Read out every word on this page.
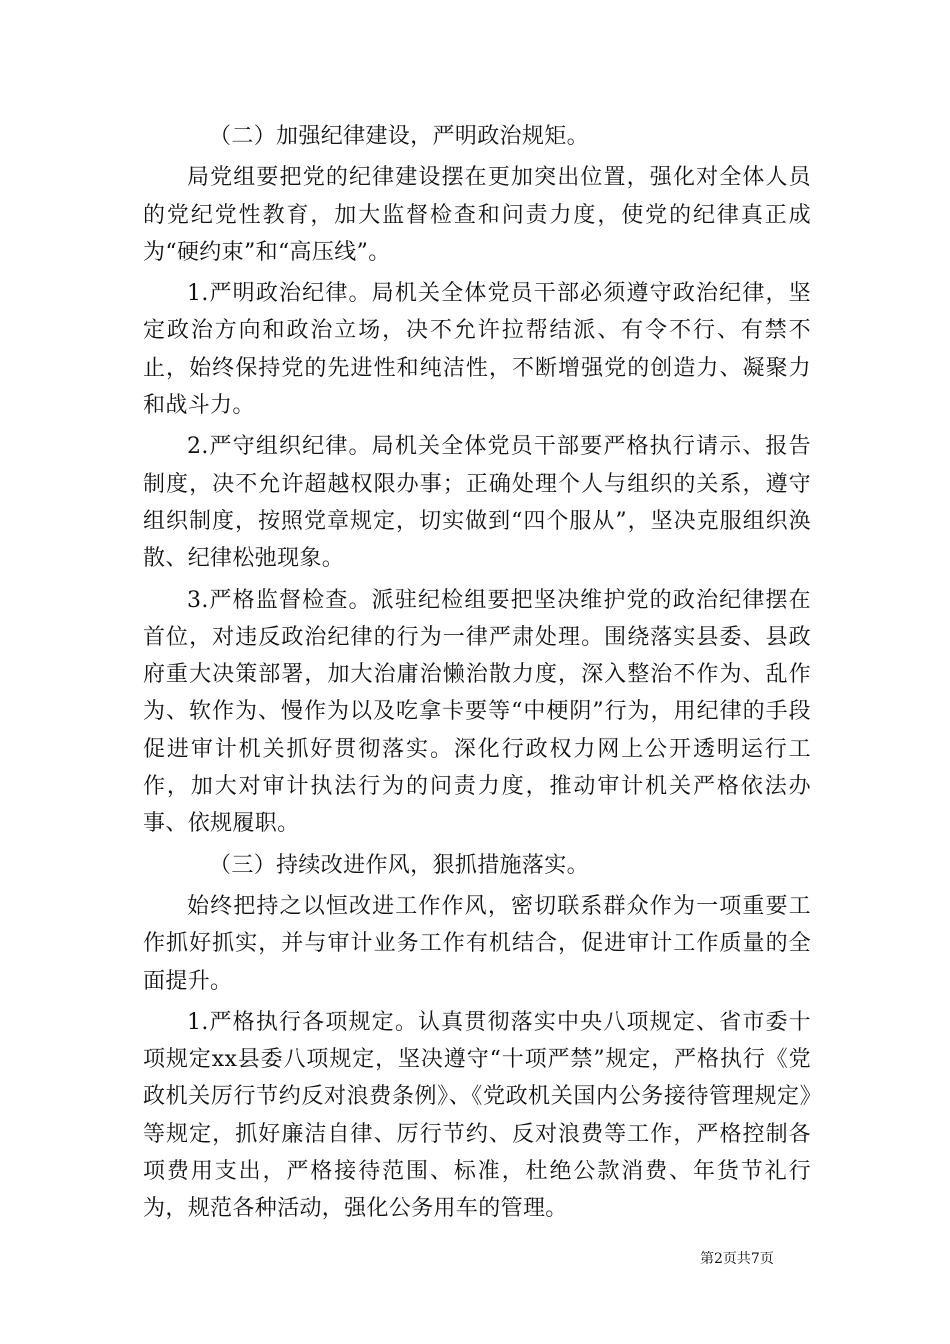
（二）加强纪律建设，严明政治规矩。

局党组要把党的纪律建设摆在更加突出位置，强化对全体人员的党纪党性教育，加大监督检查和问责力度，使党的纪律真正成为“硬约束”和“高压线”。

1.严明政治纪律。局机关全体党员干部必须遵守政治纪律，坚定政治方向和政治立场，决不允许拉帮结派、有令不行、有禁不止，始终保持党的先进性和纯洁性，不断增强党的创造力、凝聚力和战斗力。

2.严守组织纪律。局机关全体党员干部要严格执行请示、报告制度，决不允许超越权限办事；正确处理个人与组织的关系，遵守组织制度，按照党章规定，切实做到“四个服从”，坚决克服组织涣散、纪律松弛现象。

3.严格监督检查。派驻纪检组要把坚决维护党的政治纪律摆在首位，对违反政治纪律的行为一律严肃处理。围绕落实县委、县政府重大决策部署，加大治庸治懒治散力度，深入整治不作为、乱作为、软作为、慢作为以及吃拿卡要等“中梗阴”行为，用纪律的手段促进审计机关抓好贯彻落实。深化行政权力网上公开透明运行工作，加大对审计执法行为的问责力度，推动审计机关严格依法办事、依规履职。

（三）持续改进作风，狠抓措施落实。

始终把持之以恒改进工作作风，密切联系群众作为一项重要工作抓好抓实，并与审计业务工作有机结合，促进审计工作质量的全面提升。

1.严格执行各项规定。认真贯彻落实中央八项规定、省市委十项规定xx县委八项规定，坚决遵守“十项严禁”规定，严格执行《党政机关厉行节约反对浪费条例》、《党政机关国内公务接待管理规定》等规定，抓好廉洁自律、厉行节约、反对浪费等工作，严格控制各项费用支出，严格接待范围、标准，杜绝公款消费、年货节礼行为，规范各种活动，强化公务用车的管理。

第2页共7页
